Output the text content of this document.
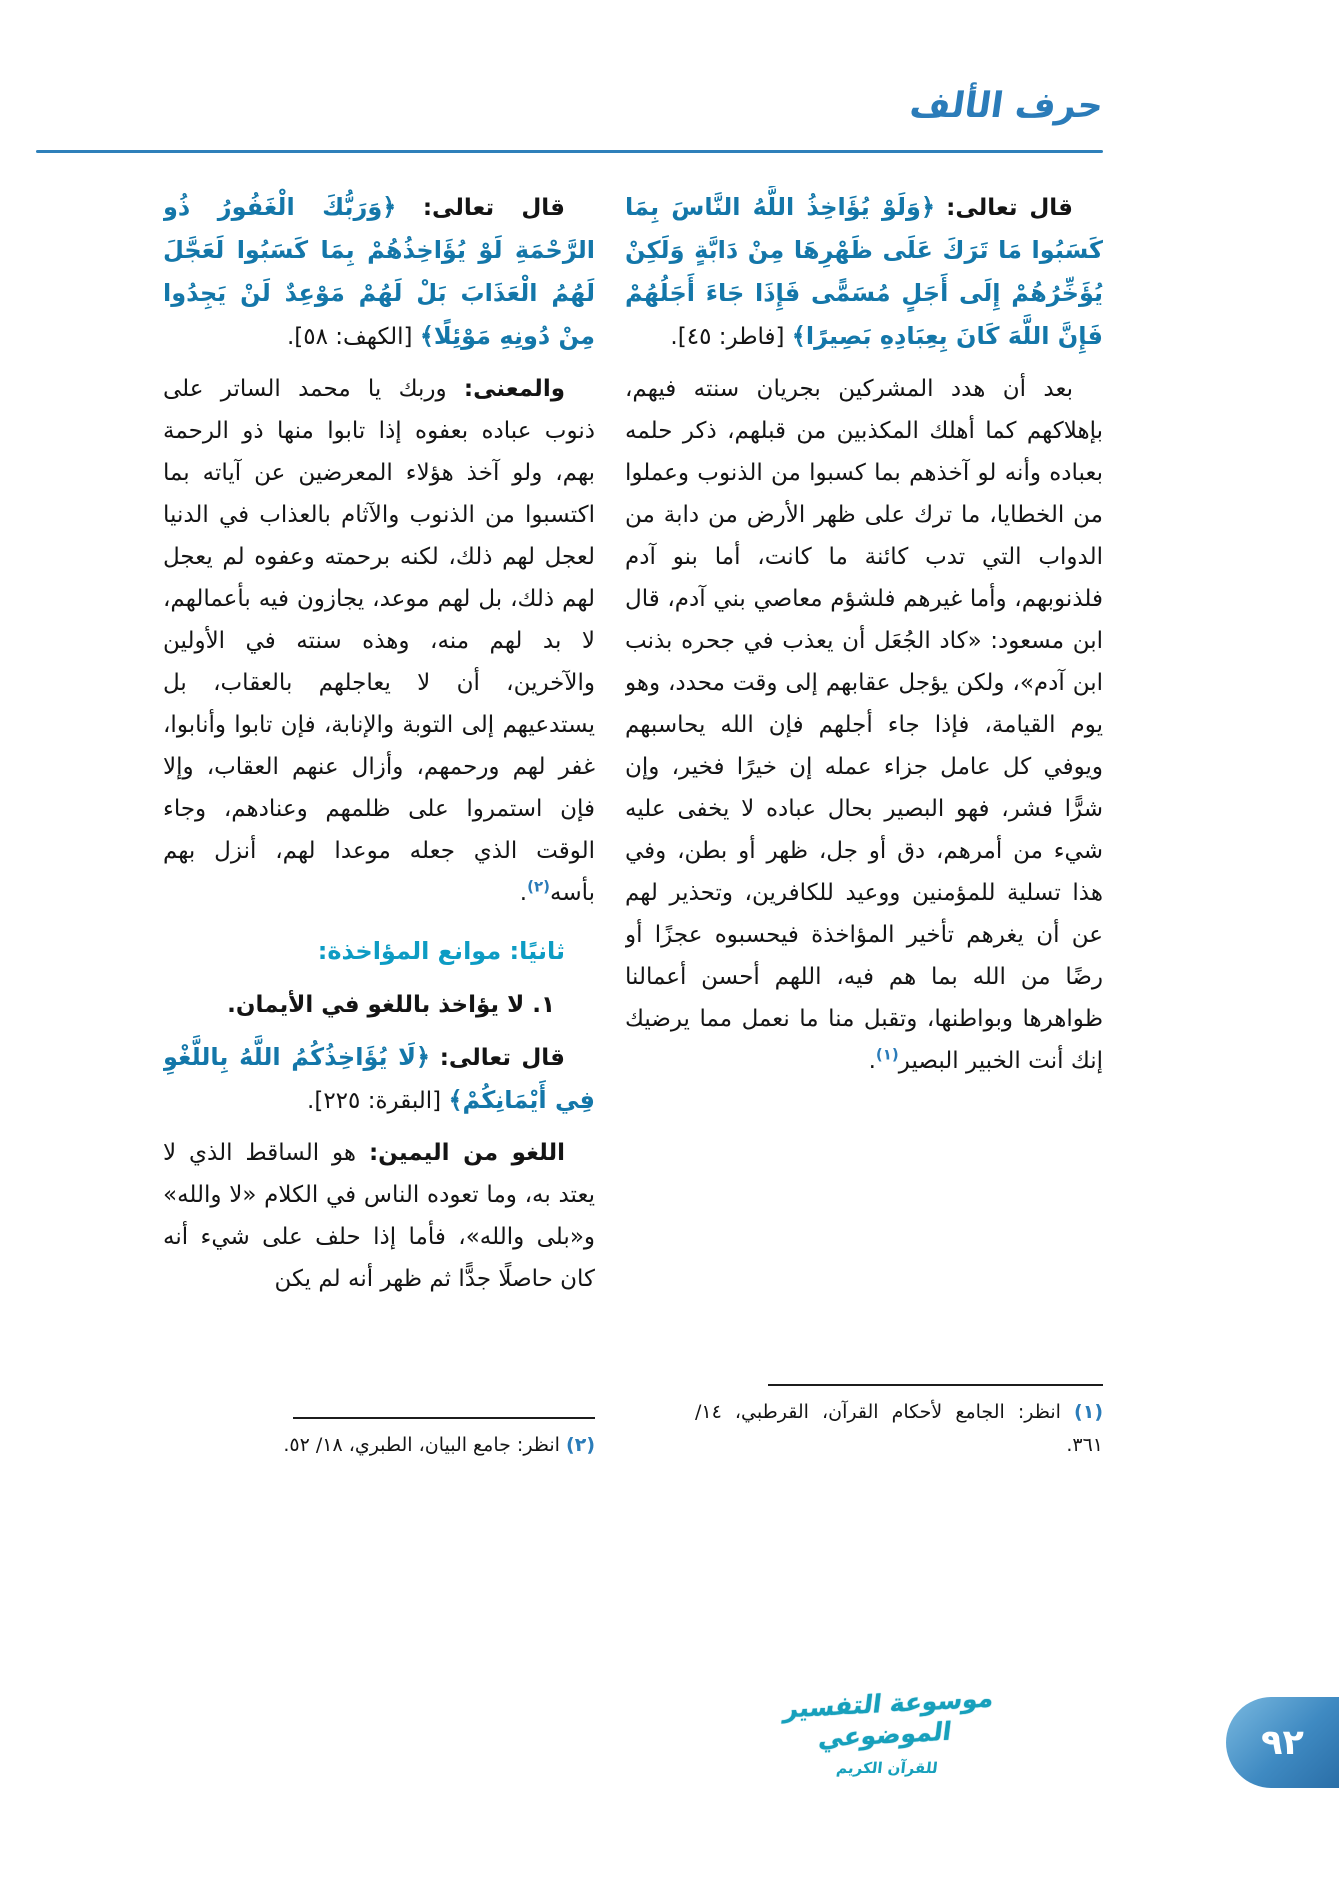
حرف الألف

قال تعالى: ﴿وَلَوْ يُؤَاخِذُ اللَّهُ النَّاسَ بِمَا كَسَبُوا مَا تَرَكَ عَلَى ظَهْرِهَا مِنْ دَابَّةٍ وَلَكِنْ يُؤَخِّرُهُمْ إِلَى أَجَلٍ مُسَمًّى فَإِذَا جَاءَ أَجَلُهُمْ فَإِنَّ اللَّهَ كَانَ بِعِبَادِهِ بَصِيرًا﴾ [فاطر: ٤٥].

بعد أن هدد المشركين بجريان سنته فيهم، بإهلاكهم كما أهلك المكذبين من قبلهم، ذكر حلمه بعباده وأنه لو آخذهم بما كسبوا من الذنوب وعملوا من الخطايا، ما ترك على ظهر الأرض من دابة من الدواب التي تدب كائنة ما كانت، أما بنو آدم فلذنوبهم، وأما غيرهم فلشؤم معاصي بني آدم، قال ابن مسعود: «كاد الجُعَل أن يعذب في جحره بذنب ابن آدم»، ولكن يؤجل عقابهم إلى وقت محدد، وهو يوم القيامة، فإذا جاء أجلهم فإن الله يحاسبهم ويوفي كل عامل جزاء عمله إن خيرًا فخير، وإن شرًّا فشر، فهو البصير بحال عباده لا يخفى عليه شيء من أمرهم، دق أو جل، ظهر أو بطن، وفي هذا تسلية للمؤمنين ووعيد للكافرين، وتحذير لهم عن أن يغرهم تأخير المؤاخذة فيحسبوه عجزًا أو رضًا من الله بما هم فيه، اللهم أحسن أعمالنا ظواهرها وبواطنها، وتقبل منا ما نعمل مما يرضيك إنك أنت الخبير البصير$^{(١)}$.

(١) انظر: الجامع لأحكام القرآن، القرطبي، ١٤/ ٣٦١.

قال تعالى: ﴿وَرَبُّكَ الْغَفُورُ ذُو الرَّحْمَةِ لَوْ يُؤَاخِذُهُمْ بِمَا كَسَبُوا لَعَجَّلَ لَهُمُ الْعَذَابَ بَلْ لَهُمْ مَوْعِدٌ لَنْ يَجِدُوا مِنْ دُونِهِ مَوْئِلًا﴾ [الكهف: ٥٨].

والمعنى: وربك يا محمد الساتر على ذنوب عباده بعفوه إذا تابوا منها ذو الرحمة بهم، ولو آخذ هؤلاء المعرضين عن آياته بما اكتسبوا من الذنوب والآثام بالعذاب في الدنيا لعجل لهم ذلك، لكنه برحمته وعفوه لم يعجل لهم ذلك، بل لهم موعد، يجازون فيه بأعمالهم، لا بد لهم منه، وهذه سنته في الأولين والآخرين، أن لا يعاجلهم بالعقاب، بل يستدعيهم إلى التوبة والإنابة، فإن تابوا وأنابوا، غفر لهم ورحمهم، وأزال عنهم العقاب، وإلا فإن استمروا على ظلمهم وعنادهم، وجاء الوقت الذي جعله موعدا لهم، أنزل بهم بأسه$^{(٢)}$.

ثانيًا: موانع المؤاخذة:

١. لا يؤاخذ باللغو في الأيمان.

قال تعالى: ﴿لَا يُؤَاخِذُكُمُ اللَّهُ بِاللَّغْوِ فِي أَيْمَانِكُمْ﴾ [البقرة: ٢٢٥].

اللغو من اليمين: هو الساقط الذي لا يعتد به، وما تعوده الناس في الكلام «لا والله» و«بلى والله»، فأما إذا حلف على شيء أنه كان حاصلًا جدًّا ثم ظهر أنه لم يكن

(٢) انظر: جامع البيان، الطبري، ١٨/ ٥٢.

موسوعة التفسير الموضوعي
للقرآن الكريم
٩٢
